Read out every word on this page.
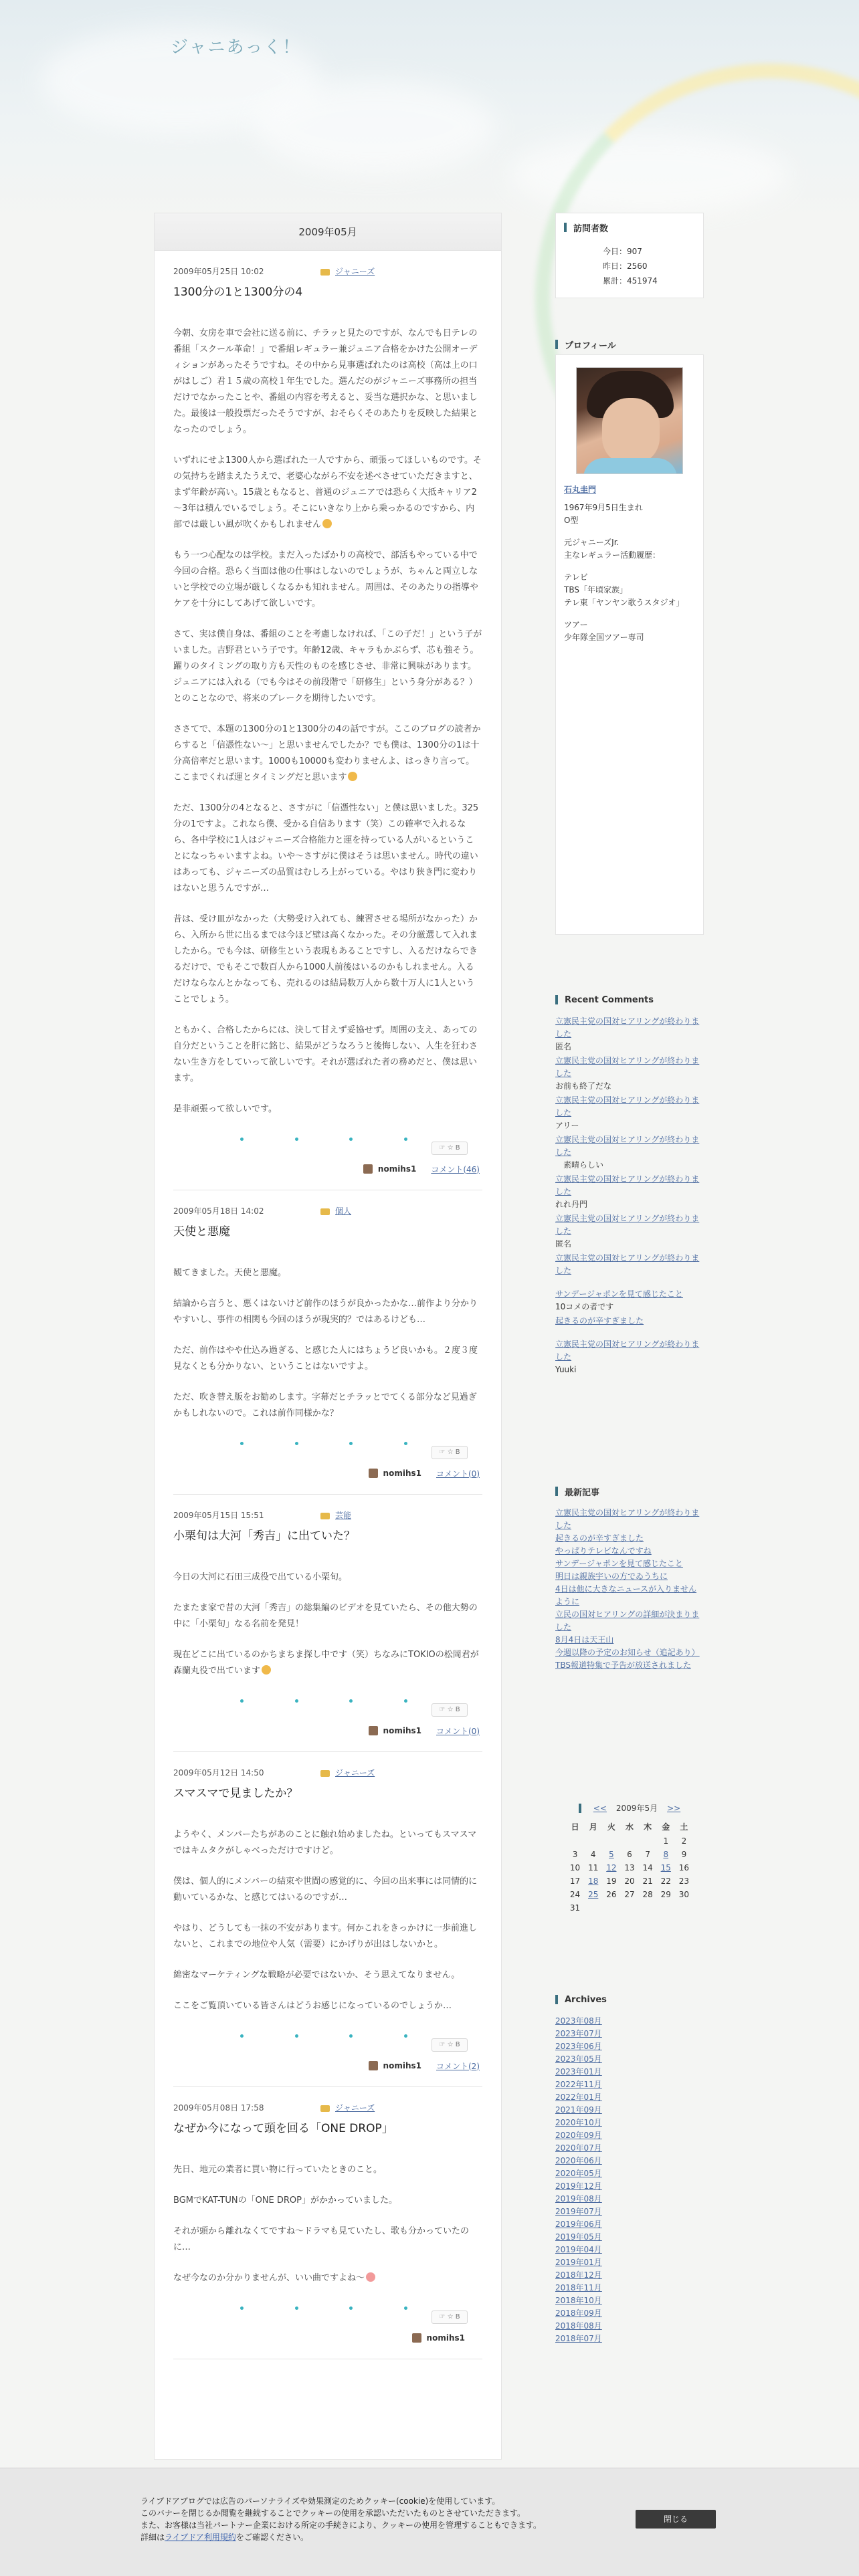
ジャニあっく！
2009年05月
2009年05月25日 10:02	ジャニーズ
1300分の1と1300分の4

今朝、女房を車で会社に送る前に、チラッと見たのですが、なんでも日テレの番組「スクール革命！」で番組レギュラー兼ジュニア合格をかけた公開オーディションがあったそうですね。その中から見事選ばれたのは高校（高は上の口がはしご）君１５歳の高校１年生でした。選んだのがジャニーズ事務所の担当だけでなかったことや、番組の内容を考えると、妥当な選択かな、と思いました。最後は一般投票だったそうですが、おそらくそのあたりを反映した結果となったのでしょう。

いずれにせよ1300人から選ばれた一人ですから、頑張ってほしいものです。その気持ちを踏まえたうえで、老婆心ながら不安を述べさせていただきますと、まず年齢が高い。15歳ともなると、普通のジュニアでは恐らく大抵キャリア2～3年は積んでいるでしょう。そこにいきなり上から乗っかるのですから、内部では厳しい風が吹くかもしれません

もう一つ心配なのは学校。まだ入ったばかりの高校で、部活もやっている中で今回の合格。恐らく当面は他の仕事はしないのでしょうが、ちゃんと両立しないと学校での立場が厳しくなるかも知れません。周囲は、そのあたりの指導やケアを十分にしてあげて欲しいです。

さて、実は僕自身は、番組のことを考慮しなければ、「この子だ！」という子がいました。吉野君という子です。年齢12歳、キャラもかぶらず、芯も強そう。躍りのタイミングの取り方も天性のものを感じさせ、非常に興味があります。ジュニアには入れる（でも今はその前段階で「研修生」という身分がある？）とのことなので、将来のブレークを期待したいです。

ささてで、本題の1300分の1と1300分の4の話ですが。ここのブログの読者からすると「信憑性ない～」と思いませんでしたか？でも僕は、1300分の1は十分高倍率だと思います。1000も10000も変わりませんよ、はっきり言って。ここまでくれば運とタイミングだと思います

ただ、1300分の4となると、さすがに「信憑性ない」と僕は思いました。325分の1ですよ。これなら僕、受かる自信あります（笑）この確率で入れるなら、各中学校に1人はジャニーズ合格能力と運を持っている人がいるということになっちゃいますよね。いや～さすがに僕はそうは思いません。時代の違いはあっても、ジャニーズの品質はむしろ上がっている。やはり狭き門に変わりはないと思うんですが…

昔は、受け皿がなかった（大勢受け入れても、練習させる場所がなかった）から、入所から世に出るまでは今ほど壁は高くなかった。その分厳選して入れましたから。でも今は、研修生という表現もあることですし、入るだけならできるだけで、でもそこで数百人から1000人前後はいるのかもしれません。入るだけならなんとかなっても、売れるのは結局数万人から数十万人に1人ということでしょう。

ともかく、合格したからには、決して甘えず妥協せず。周囲の支え、あっての自分だということを肝に銘じ、結果がどうなろうと後悔しない、人生を狂わさない生き方をしていって欲しいです。それが選ばれた者の務めだと、僕は思います。

是非頑張って欲しいです。

☞ ☆ B
nomihs1 コメント(46)
2009年05月18日 14:02	個人
天使と悪魔

観てきました。天使と悪魔。

結論から言うと、悪くはないけど前作のほうが良かったかな…前作より分かりやすいし、事件の相関も今回のほうが現実的？ではあるけども…

ただ、前作はやや仕込み過ぎる、と感じた人にはちょうど良いかも。２度３度見なくとも分かりない、ということはないですよ。

ただ、吹き替え版をお勧めします。字幕だとチラッとでてくる部分など見過ぎかもしれないので。これは前作同様かな？

☞ ☆ B
nomihs1 コメント(0)
2009年05月15日 15:51	芸能
小栗旬は大河「秀吉」に出ていた？

今日の大河に石田三成役で出ている小栗旬。

たまたま家で昔の大河「秀吉」の総集編のビデオを見ていたら、その他大勢の中に「小栗旬」なる名前を発見！

現在どこに出ているのかちまちま探し中です（笑）ちなみにTOKIOの松岡君が森蘭丸役で出ています

☞ ☆ B
nomihs1 コメント(0)
2009年05月12日 14:50	ジャニーズ
スマスマで見ましたか？

ようやく、メンバーたちがあのことに触れ始めましたね。といってもスマスマではキムタクがしゃべっただけですけど。

僕は、個人的にメンバーの結束や世間の感覚的に、今回の出来事には同情的に動いているかな、と感じてはいるのですが…

やはり、どうしても一抹の不安があります。何かこれをきっかけに一歩前進しないと、これまでの地位や人気（需要）にかげりが出はしないかと。

綿密なマーケティングな戦略が必要ではないか、そう思えてなりません。

ここをご覧頂いている皆さんはどうお感じになっているのでしょうか…

☞ ☆ B
nomihs1 コメント(2)
2009年05月08日 17:58	ジャニーズ
なぜか今になって頭を回る「ONE DROP」

先日、地元の業者に買い物に行っていたときのこと。

BGMでKAT-TUNの「ONE DROP」がかかっていました。

それが頭から離れなくてですね～ドラマも見ていたし、歌も分かっていたのに…

なぜ今なのか分かりませんが、いい曲ですよね～

☞ ☆ B
nomihs1
訪問者数
今日：907
昨日：2560
累計：451974
プロフィール
石丸圭門
1967年9月5日生まれ
O型
元ジャニーズJr.
主なレギュラー活動履歴：
テレビ
TBS「年頃家族」
テレ東「ヤンヤン歌うスタジオ」
ツアー
少年隊全国ツアー専司
Recent Comments
立憲民主党の国対ヒアリングが終わりました
匿名
立憲民主党の国対ヒアリングが終わりました
お前も終了だな
立憲民主党の国対ヒアリングが終わりました
アリー
立憲民主党の国対ヒアリングが終わりました
　素晴らしい
立憲民主党の国対ヒアリングが終わりました
れれ丹門
立憲民主党の国対ヒアリングが終わりました
匿名
立憲民主党の国対ヒアリングが終わりました
サンデージャポンを見て感じたこと
10コメの者です
起きるのが辛すぎました
立憲民主党の国対ヒアリングが終わりました
Yuuki
最新記事
立憲民主党の国対ヒアリングが終わりました
起きるのが辛すぎました
やっぱりテレビなんですね
サンデージャポンを見て感じたこと
明日は親族宇いの方でゐうちに
4日は他に大きなニュースが入りませんように
立民の国対ヒアリングの詳細が決まりました
8月4日は天王山
今週以降の予定のお知らせ（追記あり）
TBS報道特集で予告が放送されました
<< 2009年5月 >>
日	月	火	水	木	金	土
					1	2
3	4	5	6	7	8	9
10	11	12	13	14	15	16
17	18	19	20	21	22	23
24	25	26	27	28	29	30
31						
Archives
2023年08月
2023年07月
2023年06月
2023年05月
2023年01月
2022年11月
2022年01月
2021年09月
2020年10月
2020年09月
2020年07月
2020年06月
2020年05月
2019年12月
2019年08月
2019年07月
2019年06月
2019年05月
2019年04月
2019年01月
2018年12月
2018年11月
2018年10月
2018年09月
2018年08月
2018年07月
ライブドアブログでは広告のパーソナライズや効果測定のためクッキー(cookie)を使用しています。
このバナーを閉じるか閲覧を継続することでクッキーの使用を承認いただいたものとさせていただきます。
また、お客様は当社パートナー企業における所定の手続きにより、クッキーの使用を管理することもできます。
詳細はライブドア利用規約をご確認ください。
閉じる
